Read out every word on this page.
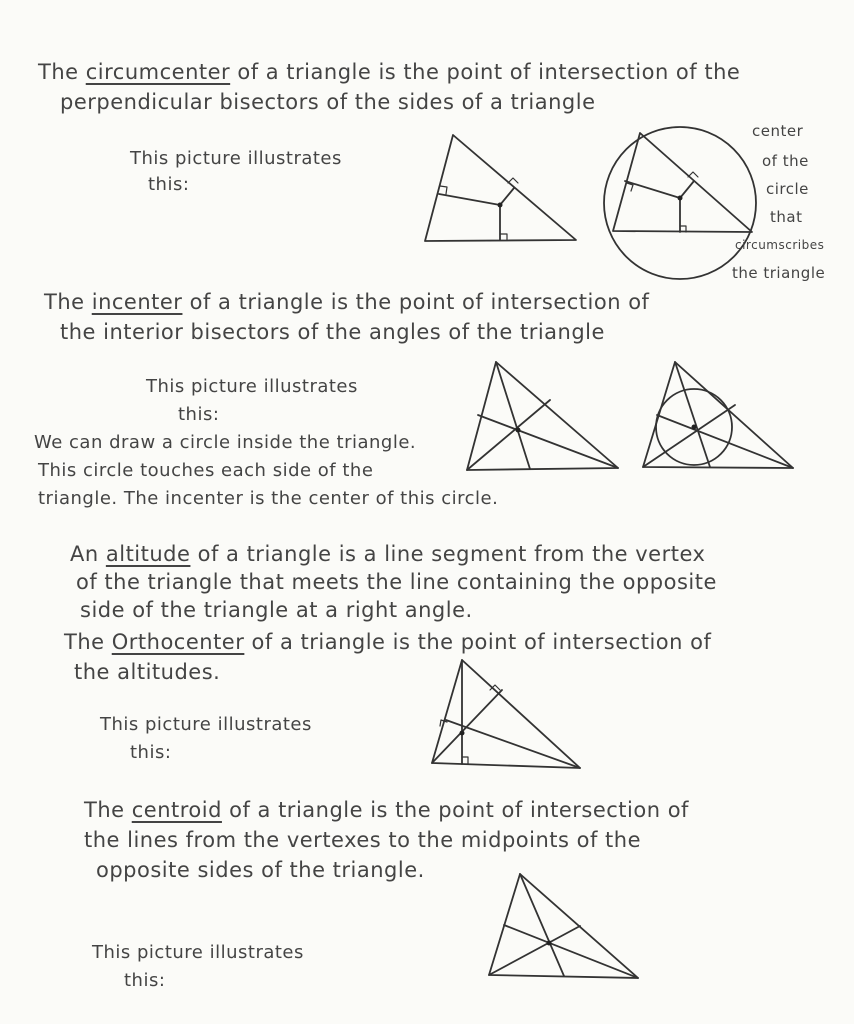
The circumcenter of a triangle is the point of intersection of the
perpendicular bisectors of the sides of a triangle
This picture illustrates
this:
center
of the
circle
that
circumscribes
the triangle
The incenter of a triangle is the point of intersection of
the interior bisectors of the angles of the triangle
This picture illustrates
this:
We can draw a circle inside the triangle.
This circle touches each side of the
triangle. The incenter is the center of this circle.
An altitude of a triangle is a line segment from the vertex
of the triangle that meets the line containing the opposite
side of the triangle at a right angle.
The Orthocenter of a triangle is the point of intersection of
the altitudes.
This picture illustrates
this:
The centroid of a triangle is the point of intersection of
the lines from the vertexes to the midpoints of the
opposite sides of the triangle.
This picture illustrates
this:
